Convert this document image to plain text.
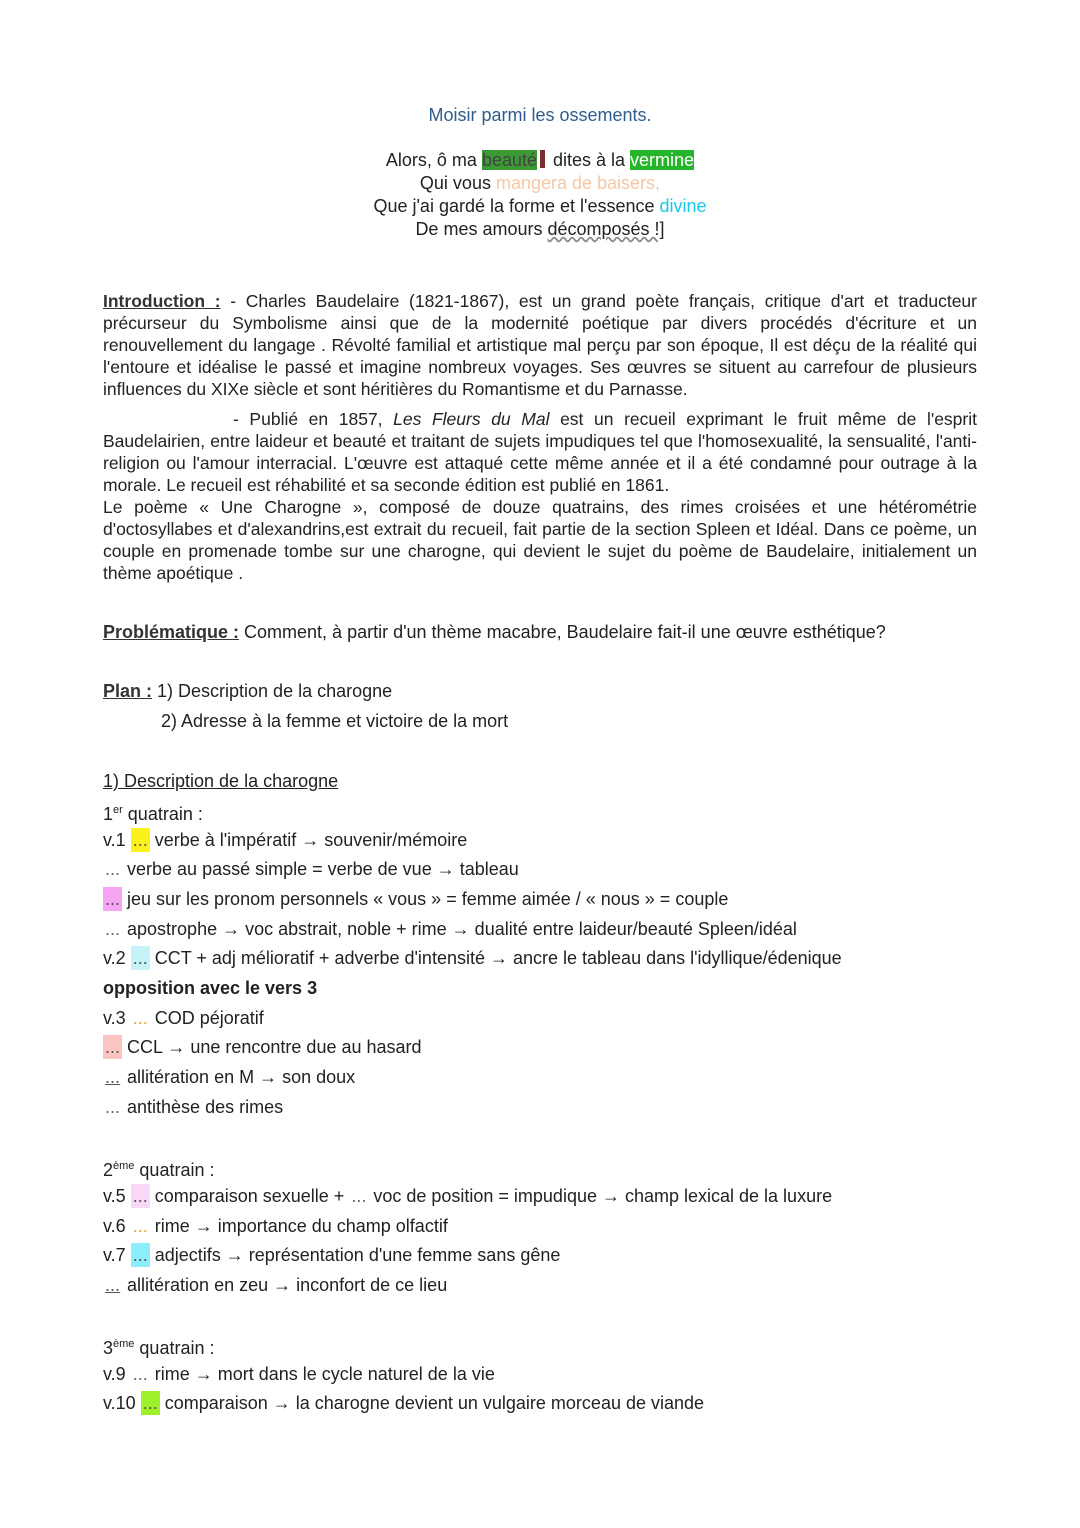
Moisir parmi les ossements.
Alors, ô ma beauté dites à la vermine
Qui vous mangera de baisers,
Que j'ai gardé la forme et l'essence divine
De mes amours décomposés !]
Introduction : - Charles Baudelaire (1821-1867), est un grand poète français, critique d'art et traducteur précurseur du Symbolisme ainsi que de la modernité poétique par divers procédés d'écriture et un renouvellement du langage . Révolté familial et artistique mal perçu par son époque, Il est déçu de la réalité qui l'entoure et idéalise le passé et imagine nombreux voyages. Ses œuvres se situent au carrefour de plusieurs influences du XIXe siècle et sont héritières du Romantisme et du Parnasse.
- Publié en 1857, Les Fleurs du Mal est un recueil exprimant le fruit même de l'esprit Baudelairien, entre laideur et beauté et traitant de sujets impudiques tel que l'homosexualité, la sensualité, l'anti-religion ou l'amour interracial. L'œuvre est attaqué cette même année et il a été condamné pour outrage à la morale. Le recueil est réhabilité et sa seconde édition est publié en 1861.
Le poème « Une Charogne », composé de douze quatrains, des rimes croisées et une hétérométrie d'octosyllabes et d'alexandrins,est extrait du recueil, fait partie de la section Spleen et Idéal. Dans ce poème, un couple en promenade tombe sur une charogne, qui devient le sujet du poème de Baudelaire, initialement un thème apoétique .
Problématique : Comment, à partir d'un thème macabre, Baudelaire fait-il une œuvre esthétique?
Plan : 1) Description de la charogne
2) Adresse à la femme et victoire de la mort
1) Description de la charogne
1er quatrain :
v.1 ... verbe à l'impératif → souvenir/mémoire
... verbe au passé simple = verbe de vue → tableau
... jeu sur les pronom personnels « vous » = femme aimée / « nous » = couple
... apostrophe → voc abstrait, noble + rime → dualité entre laideur/beauté Spleen/idéal
v.2 ... CCT + adj mélioratif + adverbe d'intensité → ancre le tableau dans l'idyllique/édenique
opposition avec le vers 3
v.3 ... COD péjoratif
... CCL → une rencontre due au hasard
... allitération en M → son doux
... antithèse des rimes
2ème quatrain :
v.5 ... comparaison sexuelle + ... voc de position = impudique → champ lexical de la luxure
v.6 ... rime → importance du champ olfactif
v.7 ... adjectifs → représentation d'une femme sans gêne
... allitération en zeu → inconfort de ce lieu
3ème quatrain :
v.9 ... rime → mort dans le cycle naturel de la vie
v.10 ... comparaison → la charogne devient un vulgaire morceau de viande
